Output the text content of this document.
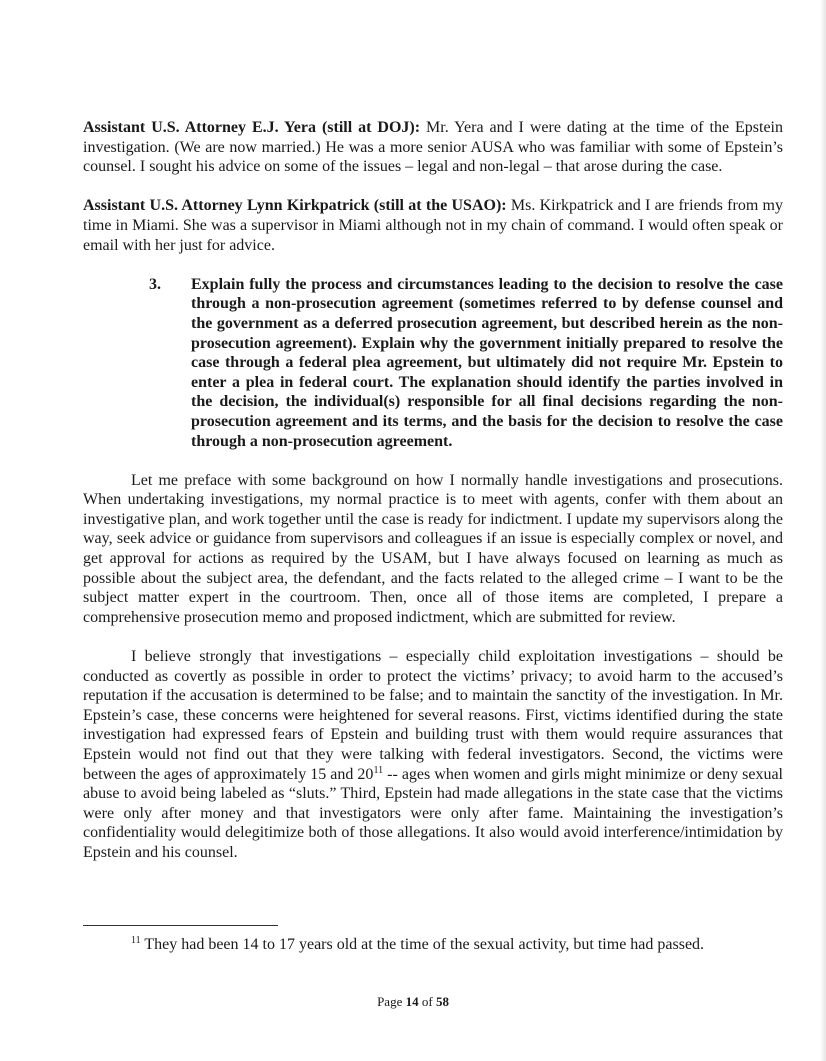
Assistant U.S. Attorney E.J. Yera (still at DOJ): Mr. Yera and I were dating at the time of the Epstein investigation. (We are now married.) He was a more senior AUSA who was familiar with some of Epstein’s counsel. I sought his advice on some of the issues – legal and non-legal – that arose during the case.

Assistant U.S. Attorney Lynn Kirkpatrick (still at the USAO): Ms. Kirkpatrick and I are friends from my time in Miami. She was a supervisor in Miami although not in my chain of command. I would often speak or email with her just for advice.

3.	Explain fully the process and circumstances leading to the decision to resolve the case through a non-prosecution agreement (sometimes referred to by defense counsel and the government as a deferred prosecution agreement, but described herein as the non-prosecution agreement). Explain why the government initially prepared to resolve the case through a federal plea agreement, but ultimately did not require Mr. Epstein to enter a plea in federal court. The explanation should identify the parties involved in the decision, the individual(s) responsible for all final decisions regarding the non-prosecution agreement and its terms, and the basis for the decision to resolve the case through a non-prosecution agreement.

Let me preface with some background on how I normally handle investigations and prosecutions. When undertaking investigations, my normal practice is to meet with agents, confer with them about an investigative plan, and work together until the case is ready for indictment. I update my supervisors along the way, seek advice or guidance from supervisors and colleagues if an issue is especially complex or novel, and get approval for actions as required by the USAM, but I have always focused on learning as much as possible about the subject area, the defendant, and the facts related to the alleged crime – I want to be the subject matter expert in the courtroom. Then, once all of those items are completed, I prepare a comprehensive prosecution memo and proposed indictment, which are submitted for review.

I believe strongly that investigations – especially child exploitation investigations – should be conducted as covertly as possible in order to protect the victims’ privacy; to avoid harm to the accused’s reputation if the accusation is determined to be false; and to maintain the sanctity of the investigation. In Mr. Epstein’s case, these concerns were heightened for several reasons. First, victims identified during the state investigation had expressed fears of Epstein and building trust with them would require assurances that Epstein would not find out that they were talking with federal investigators. Second, the victims were between the ages of approximately 15 and $20^{11}$ -- ages when women and girls might minimize or deny sexual abuse to avoid being labeled as “sluts.” Third, Epstein had made allegations in the state case that the victims were only after money and that investigators were only after fame. Maintaining the investigation’s confidentiality would delegitimize both of those allegations. It also would avoid interference/intimidation by Epstein and his counsel.

$^{11}$ They had been 14 to 17 years old at the time of the sexual activity, but time had passed.
Page 14 of 58
